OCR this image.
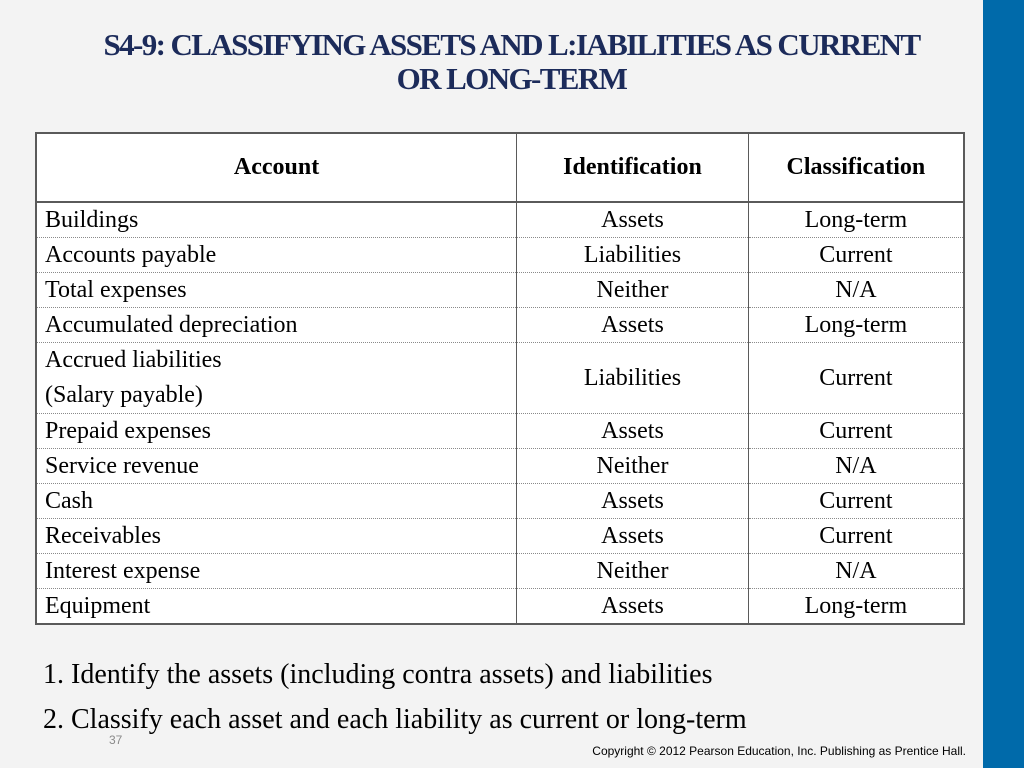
S4-9: CLASSIFYING ASSETS AND L:IABILITIES AS CURRENT
OR LONG-TERM
Account	Identification	Classification
Buildings	Assets	Long-term
Accounts payable	Liabilities	Current
Total expenses	Neither	N/A
Accumulated depreciation	Assets	Long-term

Accrued liabilities
(Salary payable)	Liabilities	Current
Prepaid expenses	Assets	Current
Service revenue	Neither	N/A
Cash	Assets	Current
Receivables	Assets	Current
Interest expense	Neither	N/A
Equipment	Assets	Long-term

1. Identify the assets (including contra assets) and liabilities

2. Classify each asset and each liability as current or long-term

37
Copyright © 2012 Pearson Education, Inc. Publishing as Prentice Hall.
